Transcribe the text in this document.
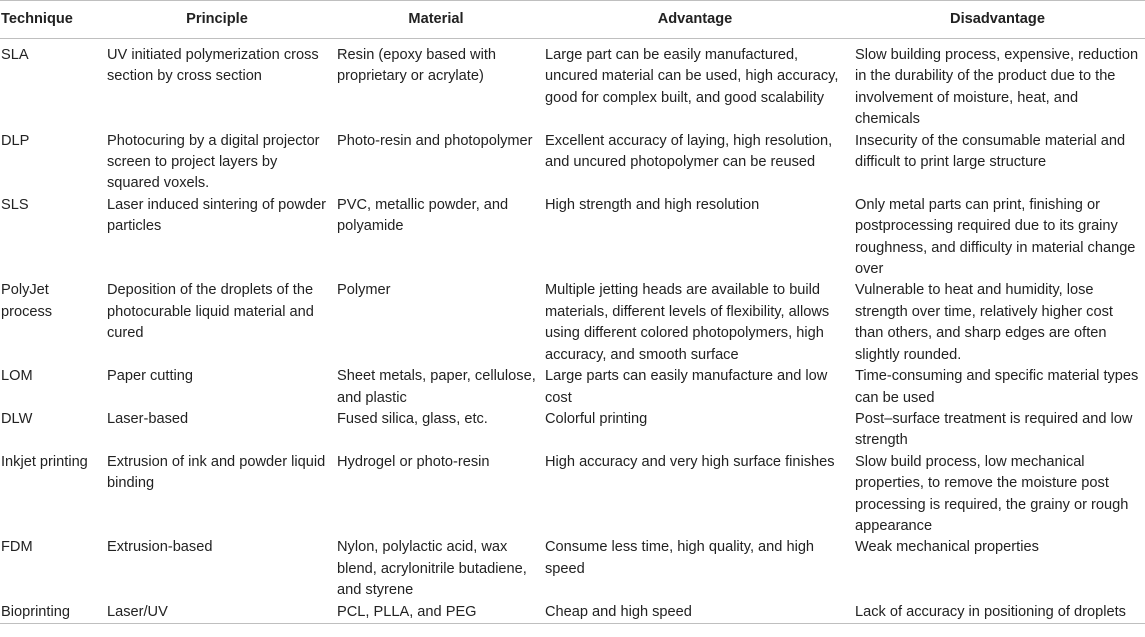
Technique	Principle	Material	Advantage	Disadvantage
SLA	UV initiated polymerization cross section by cross section	Resin (epoxy based with proprietary or acrylate)	Large part can be easily manufactured, uncured material can be used, high accuracy, good for complex built, and good scalability	Slow building process, expensive, reduction in the durability of the product due to the involvement of moisture, heat, and chemicals
DLP	Photocuring by a digital projector screen to project layers by squared voxels.	Photo-resin and photopolymer	Excellent accuracy of laying, high resolution, and uncured photopolymer can be reused	Insecurity of the consumable material and difficult to print large structure
SLS	Laser induced sintering of powder particles	PVC, metallic powder, and polyamide	High strength and high resolution	Only metal parts can print, finishing or postprocessing required due to its grainy roughness, and difficulty in material change over
PolyJet process	Deposition of the droplets of the photocurable liquid material and cured	Polymer	Multiple jetting heads are available to build materials, different levels of flexibility, allows using different colored photopolymers, high accuracy, and smooth surface	Vulnerable to heat and humidity, lose strength over time, relatively higher cost than others, and sharp edges are often slightly rounded.
LOM	Paper cutting	Sheet metals, paper, cellulose, and plastic	Large parts can easily manufacture and low cost	Time-consuming and specific material types can be used
DLW	Laser-based	Fused silica, glass, etc.	Colorful printing	Post–surface treatment is required and low strength
Inkjet printing	Extrusion of ink and powder liquid binding	Hydrogel or photo-resin	High accuracy and very high surface finishes	Slow build process, low mechanical properties, to remove the moisture post processing is required, the grainy or rough appearance
FDM	Extrusion-based	Nylon, polylactic acid, wax blend, acrylonitrile butadiene, and styrene	Consume less time, high quality, and high speed	Weak mechanical properties
Bioprinting	Laser/UV	PCL, PLLA, and PEG	Cheap and high speed	Lack of accuracy in positioning of droplets
